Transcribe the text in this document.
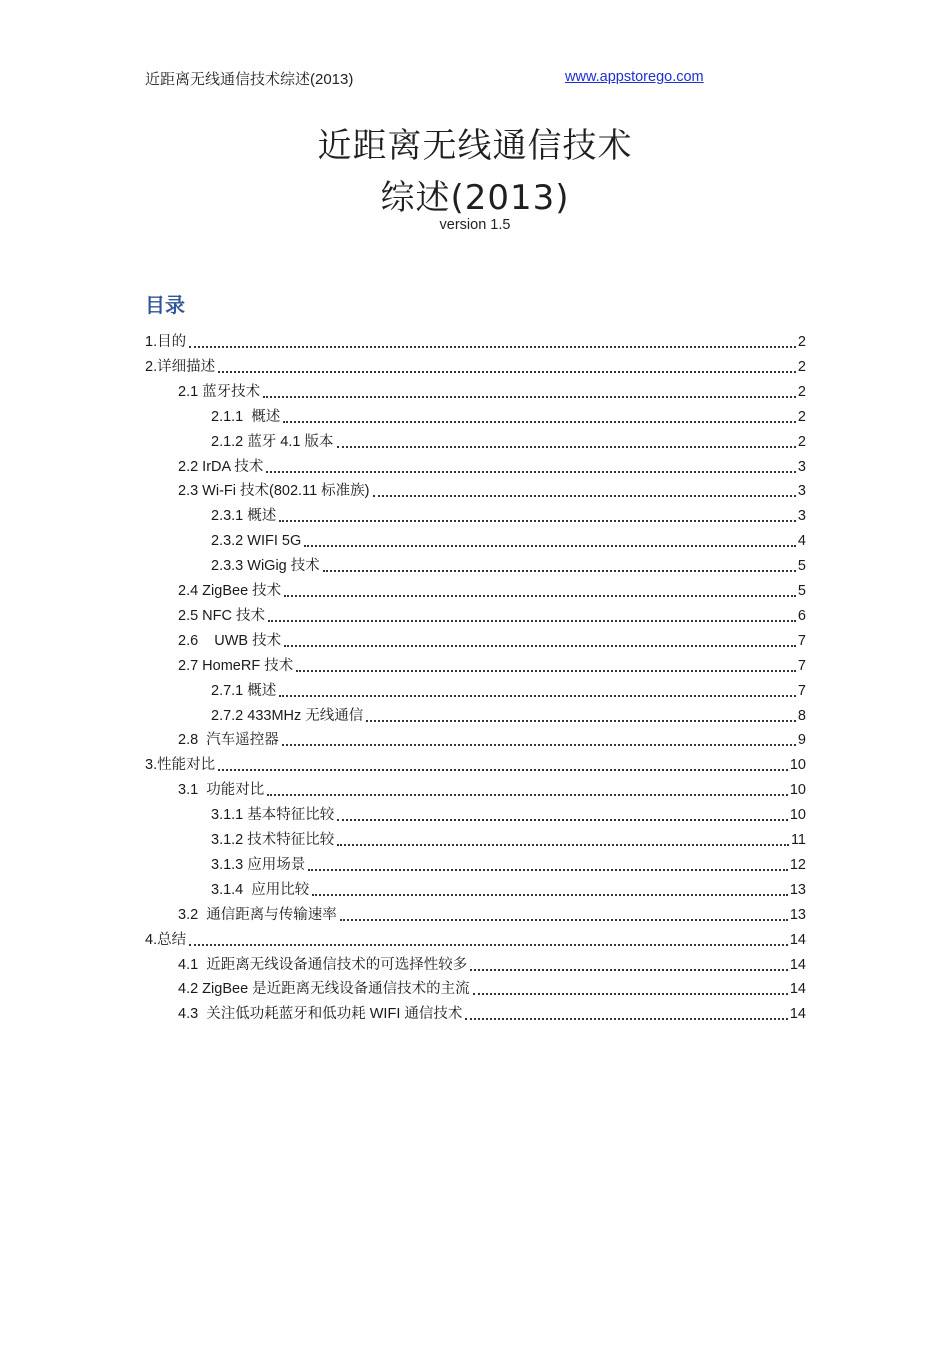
近距离无线通信技术综述(2013)	www.appstorego.com
近距离无线通信技术
综述(2013)
version 1.5
目录
1.目的	2
2.详细描述	2
2.1 蓝牙技术	2
2.1.1  概述	2
2.1.2 蓝牙 4.1 版本	2
2.2 IrDA 技术	3
2.3 Wi-Fi 技术(802.11 标准族)	3
2.3.1 概述	3
2.3.2 WIFI 5G	4
2.3.3 WiGig 技术	5
2.4 ZigBee 技术	5
2.5 NFC 技术	6
2.6    UWB 技术	7
2.7 HomeRF 技术	7
2.7.1 概述	7
2.7.2 433MHz 无线通信	8
2.8  汽车遥控器	9
3.性能对比	10
3.1  功能对比	10
3.1.1 基本特征比较	10
3.1.2 技术特征比较	11
3.1.3 应用场景	12
3.1.4  应用比较	13
3.2  通信距离与传输速率	13
4.总结	14
4.1  近距离无线设备通信技术的可选择性较多	14
4.2 ZigBee 是近距离无线设备通信技术的主流	14
4.3  关注低功耗蓝牙和低功耗 WIFI 通信技术	14
